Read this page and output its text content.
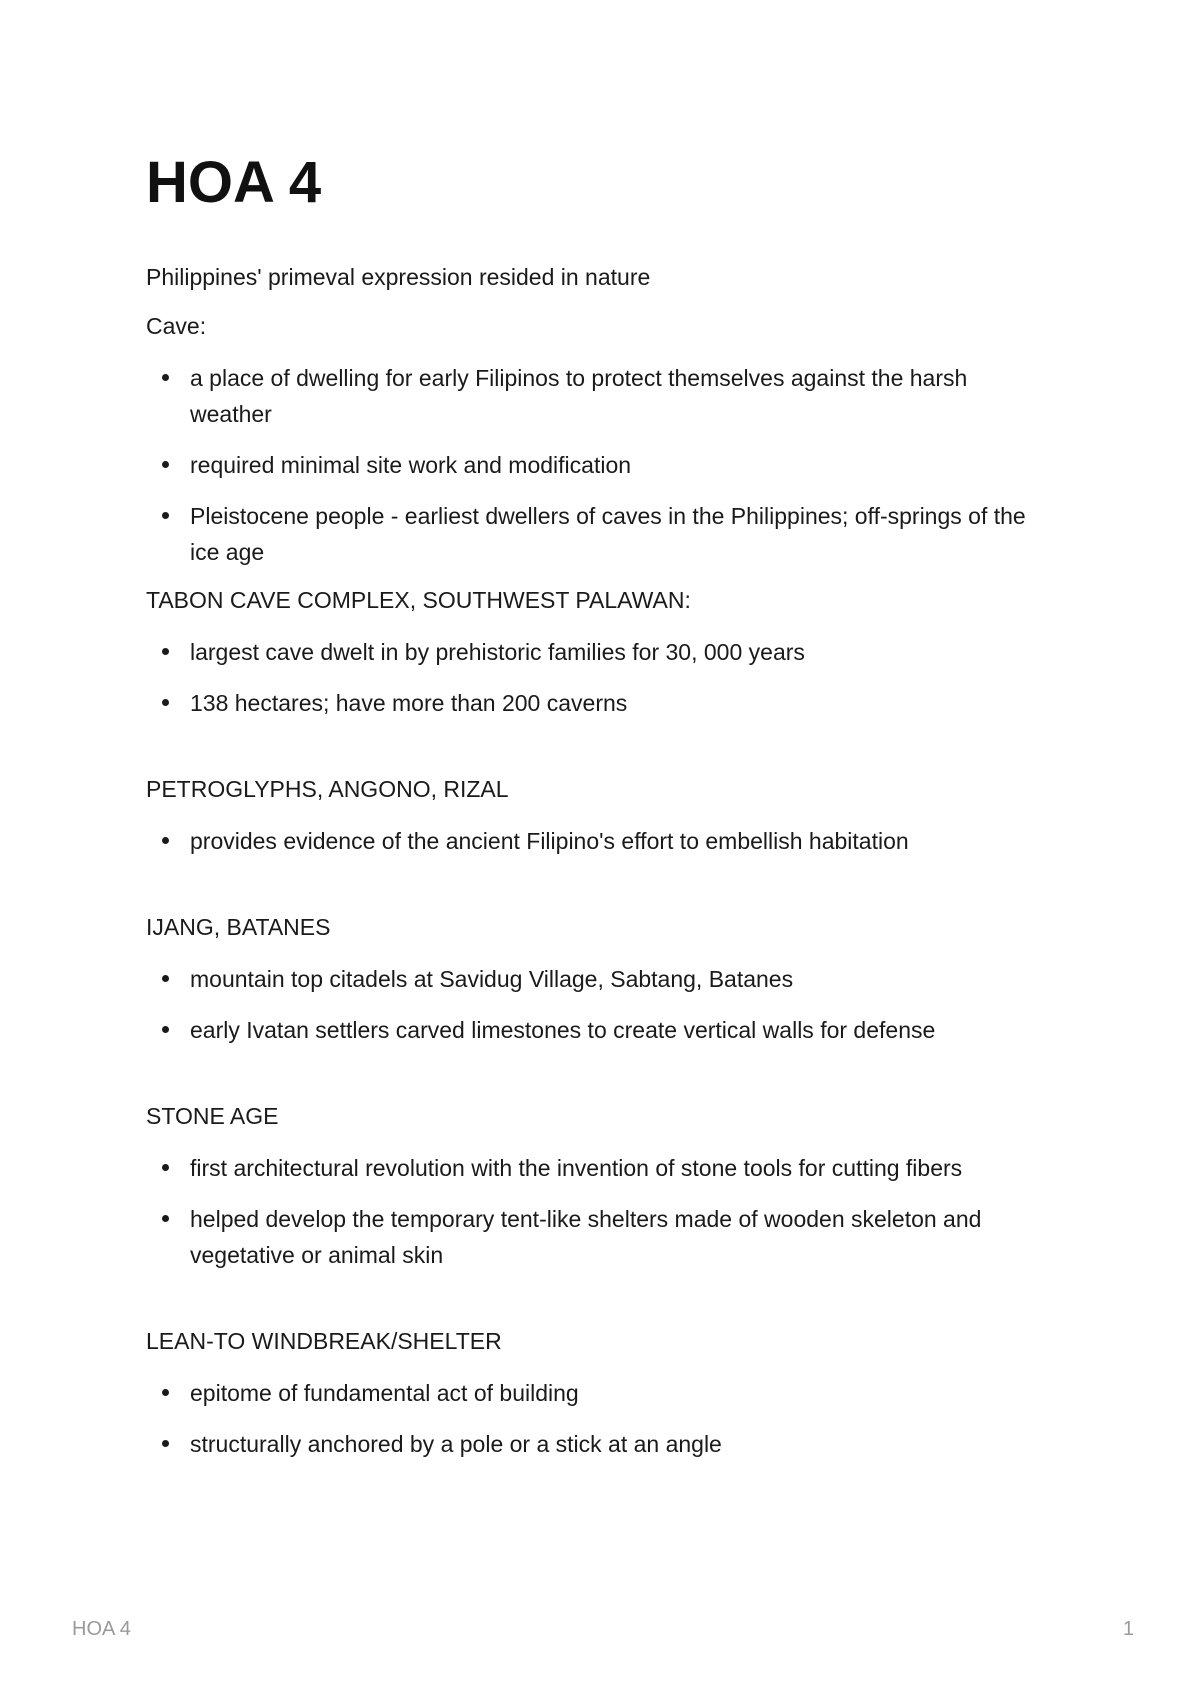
HOA 4

Philippines' primeval expression resided in nature

Cave:

a place of dwelling for early Filipinos to protect themselves against the harsh weather
required minimal site work and modification
Pleistocene people - earliest dwellers of caves in the Philippines; off-springs of the ice age

TABON CAVE COMPLEX, SOUTHWEST PALAWAN:

largest cave dwelt in by prehistoric families for 30, 000 years
138 hectares; have more than 200 caverns

PETROGLYPHS, ANGONO, RIZAL

provides evidence of the ancient Filipino's effort to embellish habitation

IJANG, BATANES

mountain top citadels at Savidug Village, Sabtang, Batanes
early Ivatan settlers carved limestones to create vertical walls for defense

STONE AGE

first architectural revolution with the invention of stone tools for cutting fibers
helped develop the temporary tent-like shelters made of wooden skeleton and vegetative or animal skin

LEAN-TO WINDBREAK/SHELTER

epitome of fundamental act of building
structurally anchored by a pole or a stick at an angle
HOA 4	1
